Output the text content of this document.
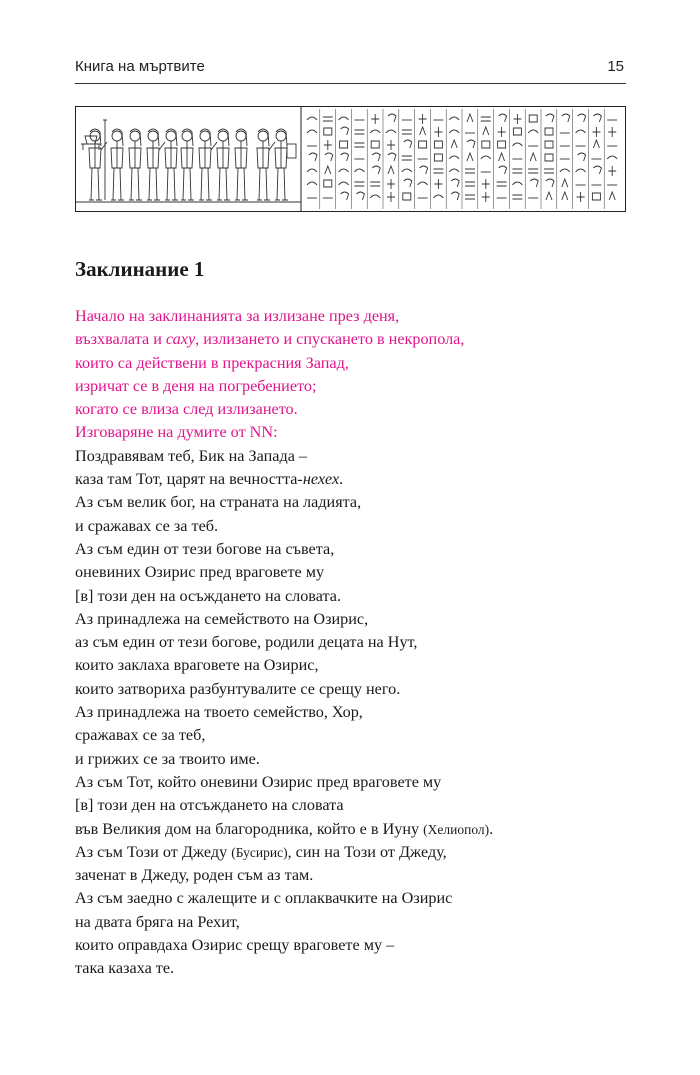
Книга на мъртвите	15
Заклинание 1
Начало на заклинанията за излизане през деня,
възхвалата и саху, излизането и спускането в некропола,
които са действени в прекрасния Запад,
изричат се в деня на погребението;
когато се влиза след излизането.
Изговаряне на думите от NN:
Поздравявам теб, Бик на Запада –
каза там Тот, царят на вечността-нехех.
Аз съм велик бог, на страната на ладията,
и сражавах се за теб.
Аз съм един от тези богове на съвета,
оневиних Озирис пред враговете му
[в] този ден на осъждането на словата.
Аз принадлежа на семейството на Озирис,
аз съм един от тези богове, родили децата на Нут,
които заклаха враговете на Озирис,
които затвориха разбунтувалите се срещу него.
Аз принадлежа на твоето семейство, Хор,
сражавах се за теб,
и грижих се за твоито име.
Аз съм Тот, който оневини Озирис пред враговете му
[в] този ден на отсъждането на словата
във Великия дом на благородника, който е в Иуну (Хелиопол).
Аз съм Този от Джеду (Бусирис), син на Този от Джеду,
заченат в Джеду, роден съм аз там.
Аз съм заедно с жалещите и с оплаквачките на Озирис
на двата бряга на Рехит,
които оправдаха Озирис срещу враговете му –
така казаха те.
